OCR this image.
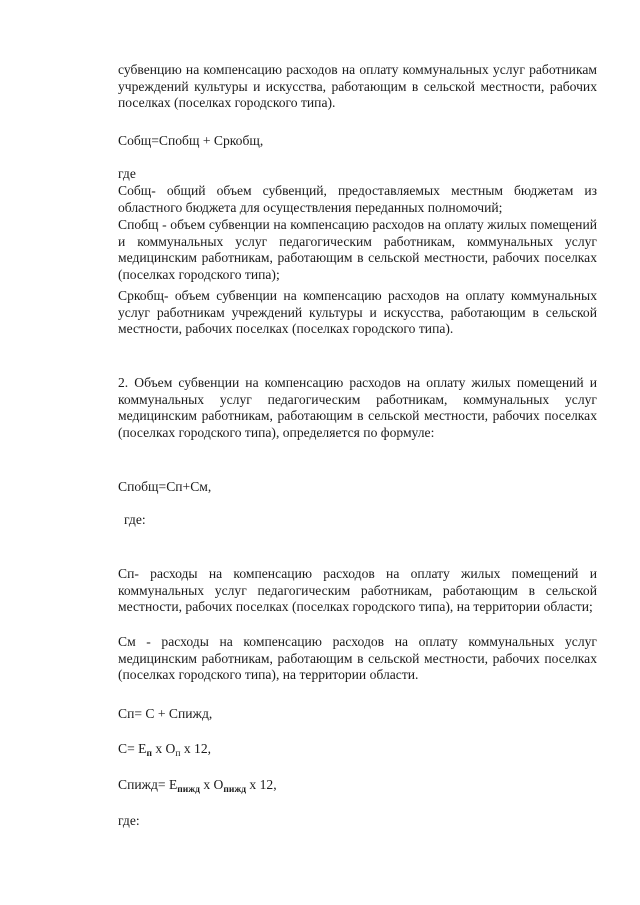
субвенцию на компенсацию расходов на оплату коммунальных услуг работникам учреждений культуры и искусства, работающим в сельской местности, рабочих поселках (поселках городского типа).

Собщ=Спобщ + Сркобщ,

где

Собщ- общий объем субвенций, предоставляемых местным бюджетам из областного бюджета для осуществления переданных полномочий;

Спобщ - объем субвенции на компенсацию расходов на оплату жилых помещений и коммунальных услуг педагогическим работникам, коммунальных услуг медицинским работникам, работающим в сельской местности, рабочих поселках (поселках городского типа);

Сркобщ- объем субвенции на компенсацию расходов на оплату коммунальных услуг работникам учреждений культуры и искусства, работающим в сельской местности, рабочих поселках (поселках городского типа).

2. Объем субвенции на компенсацию расходов на оплату жилых помещений и коммунальных услуг педагогическим работникам, коммунальных услуг медицинским работникам, работающим в сельской местности, рабочих поселках (поселках городского типа), определяется по формуле:

Спобщ=Сп+См,

где:

Сп- расходы на компенсацию расходов на оплату жилых помещений и коммунальных услуг педагогическим работникам, работающим в сельской местности, рабочих поселках (поселках городского типа), на территории области;

См - расходы на компенсацию расходов на оплату коммунальных услуг медицинским работникам, работающим в сельской местности, рабочих поселках (поселках городского типа), на территории области.

Сп= С + Спижд,

$С= Е_п$ х $О_п$ х 12,

Спижд= $Е_{пижд}$ х $О_{пижд}$ х 12,

где:
